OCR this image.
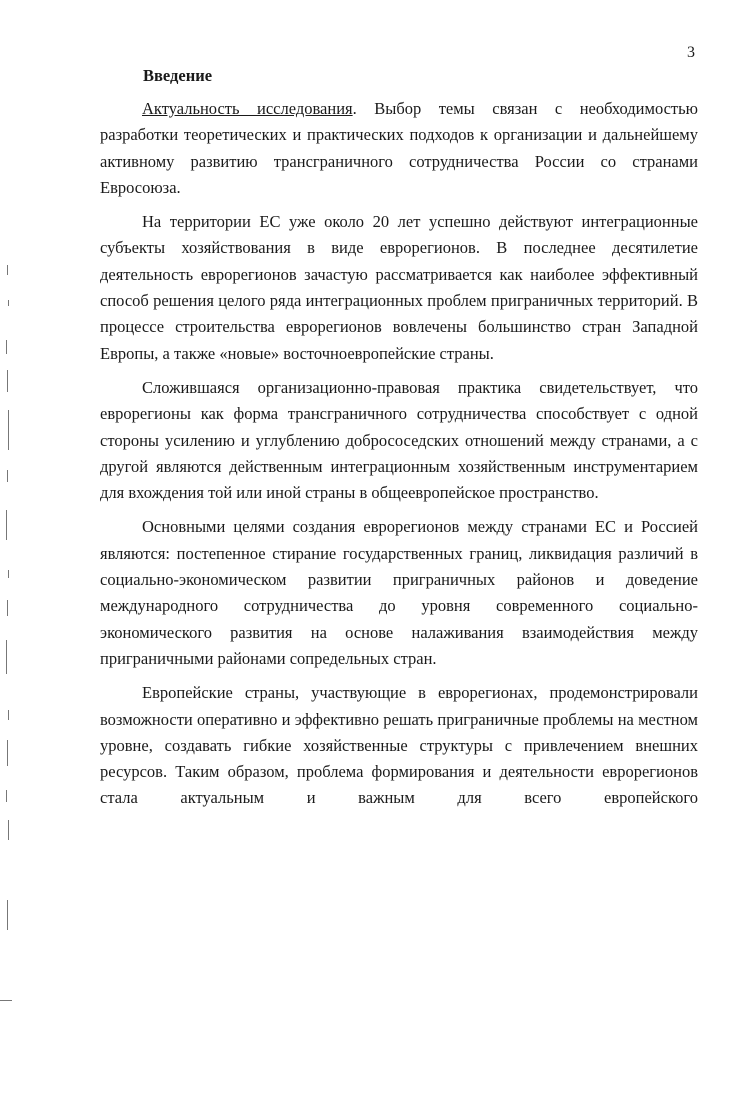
3
Введение

Актуальность исследования. Выбор темы связан с необходимостью разработки теоретических и практических подходов к организации и дальнейшему активному развитию трансграничного сотрудничества России со странами Евросоюза.

На территории ЕС уже около 20 лет успешно действуют интеграционные субъекты хозяйствования в виде еврорегионов. В последнее десятилетие деятельность еврорегионов зачастую рассматривается как наиболее эффективный способ решения целого ряда интеграционных проблем приграничных территорий. В процессе строительства еврорегионов вовлечены большинство стран Западной Европы, а также «новые» восточноевропейские страны.

Сложившаяся организационно-правовая практика свидетельствует, что еврорегионы как форма трансграничного сотрудничества способствует с одной стороны усилению и углублению добрососедских отношений между странами, а с другой являются действенным интеграционным хозяйственным инструментарием для вхождения той или иной страны в общеевропейское пространство.

Основными целями создания еврорегионов между странами ЕС и Россией являются: постепенное стирание государственных границ, ликвидация различий в социально-экономическом развитии приграничных районов и доведение международного сотрудничества до уровня современного социально-экономического развития на основе налаживания взаимодействия между приграничными районами сопредельных стран.

Европейские страны, участвующие в еврорегионах, продемонстрировали возможности оперативно и эффективно решать приграничные проблемы на местном уровне, создавать гибкие хозяйственные структуры с привлечением внешних ресурсов. Таким образом, проблема формирования и деятельности еврорегионов стала актуальным и важным для всего европейского
